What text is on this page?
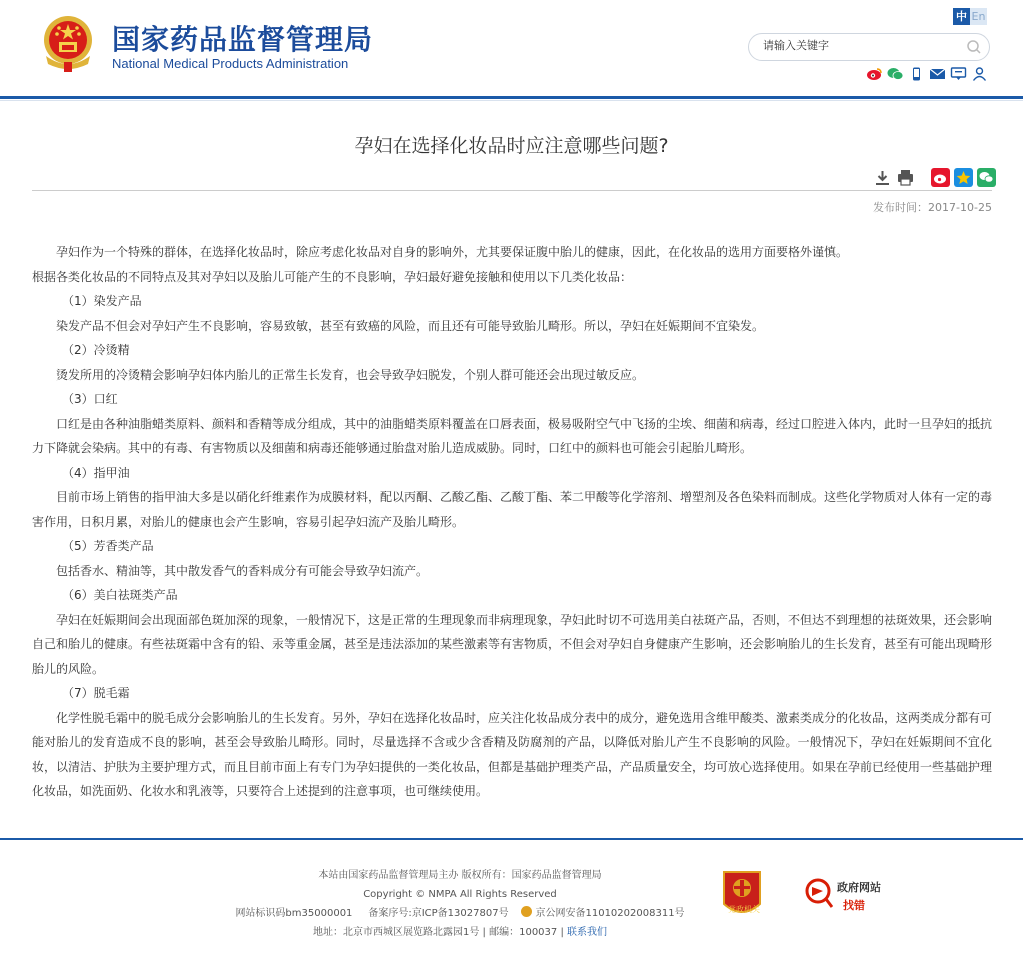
国家药品监督管理局
National Medical Products Administration
中 En
请输入关键字
孕妇在选择化妆品时应注意哪些问题?
发布时间：2017-10-25

孕妇作为一个特殊的群体，在选择化妆品时，除应考虑化妆品对自身的影响外，尤其要保证腹中胎儿的健康，因此，在化妆品的选用方面要格外谨慎。

根据各类化妆品的不同特点及其对孕妇以及胎儿可能产生的不良影响，孕妇最好避免接触和使用以下几类化妆品：

（1）染发产品

染发产品不但会对孕妇产生不良影响，容易致敏，甚至有致癌的风险，而且还有可能导致胎儿畸形。所以，孕妇在妊娠期间不宜染发。

（2）冷烫精

烫发所用的冷烫精会影响孕妇体内胎儿的正常生长发育，也会导致孕妇脱发，个别人群可能还会出现过敏反应。

（3）口红

口红是由各种油脂蜡类原料、颜料和香精等成分组成，其中的油脂蜡类原料覆盖在口唇表面，极易吸附空气中飞扬的尘埃、细菌和病毒，经过口腔进入体内，此时一旦孕妇的抵抗力下降就会染病。其中的有毒、有害物质以及细菌和病毒还能够通过胎盘对胎儿造成威胁。同时，口红中的颜料也可能会引起胎儿畸形。

（4）指甲油

目前市场上销售的指甲油大多是以硝化纤维素作为成膜材料，配以丙酮、乙酸乙酯、乙酸丁酯、苯二甲酸等化学溶剂、增塑剂及各色染料而制成。这些化学物质对人体有一定的毒害作用，日积月累，对胎儿的健康也会产生影响，容易引起孕妇流产及胎儿畸形。

（5）芳香类产品

包括香水、精油等，其中散发香气的香料成分有可能会导致孕妇流产。

（6）美白祛斑类产品

孕妇在妊娠期间会出现面部色斑加深的现象，一般情况下，这是正常的生理现象而非病理现象，孕妇此时切不可选用美白祛斑产品，否则，不但达不到理想的祛斑效果，还会影响自己和胎儿的健康。有些祛斑霜中含有的铅、汞等重金属，甚至是违法添加的某些激素等有害物质，不但会对孕妇自身健康产生影响，还会影响胎儿的生长发育，甚至有可能出现畸形胎儿的风险。

（7）脱毛霜

化学性脱毛霜中的脱毛成分会影响胎儿的生长发育。另外，孕妇在选择化妆品时，应关注化妆品成分表中的成分，避免选用含维甲酸类、激素类成分的化妆品，这两类成分都有可能对胎儿的发育造成不良的影响，甚至会导致胎儿畸形。同时，尽量选择不含或少含香精及防腐剂的产品，以降低对胎儿产生不良影响的风险。一般情况下，孕妇在妊娠期间不宜化妆，以清洁、护肤为主要护理方式，而且目前市面上有专门为孕妇提供的一类化妆品，但都是基础护理类产品，产品质量安全，均可放心选择使用。如果在孕前已经使用一些基础护理化妆品，如洗面奶、化妆水和乳液等，只要符合上述提到的注意事项，也可继续使用。

本站由国家药品监督管理局主办 版权所有：国家药品监督管理局
Copyright © NMPA All Rights Reserved
网站标识码bm35000001 备案序号:京ICP备13027807号	京公网安备11010202008311号
地址：北京市西城区展览路北露园1号 | 邮编：100037 | 联系我们
党政机关
政府网站
找错
